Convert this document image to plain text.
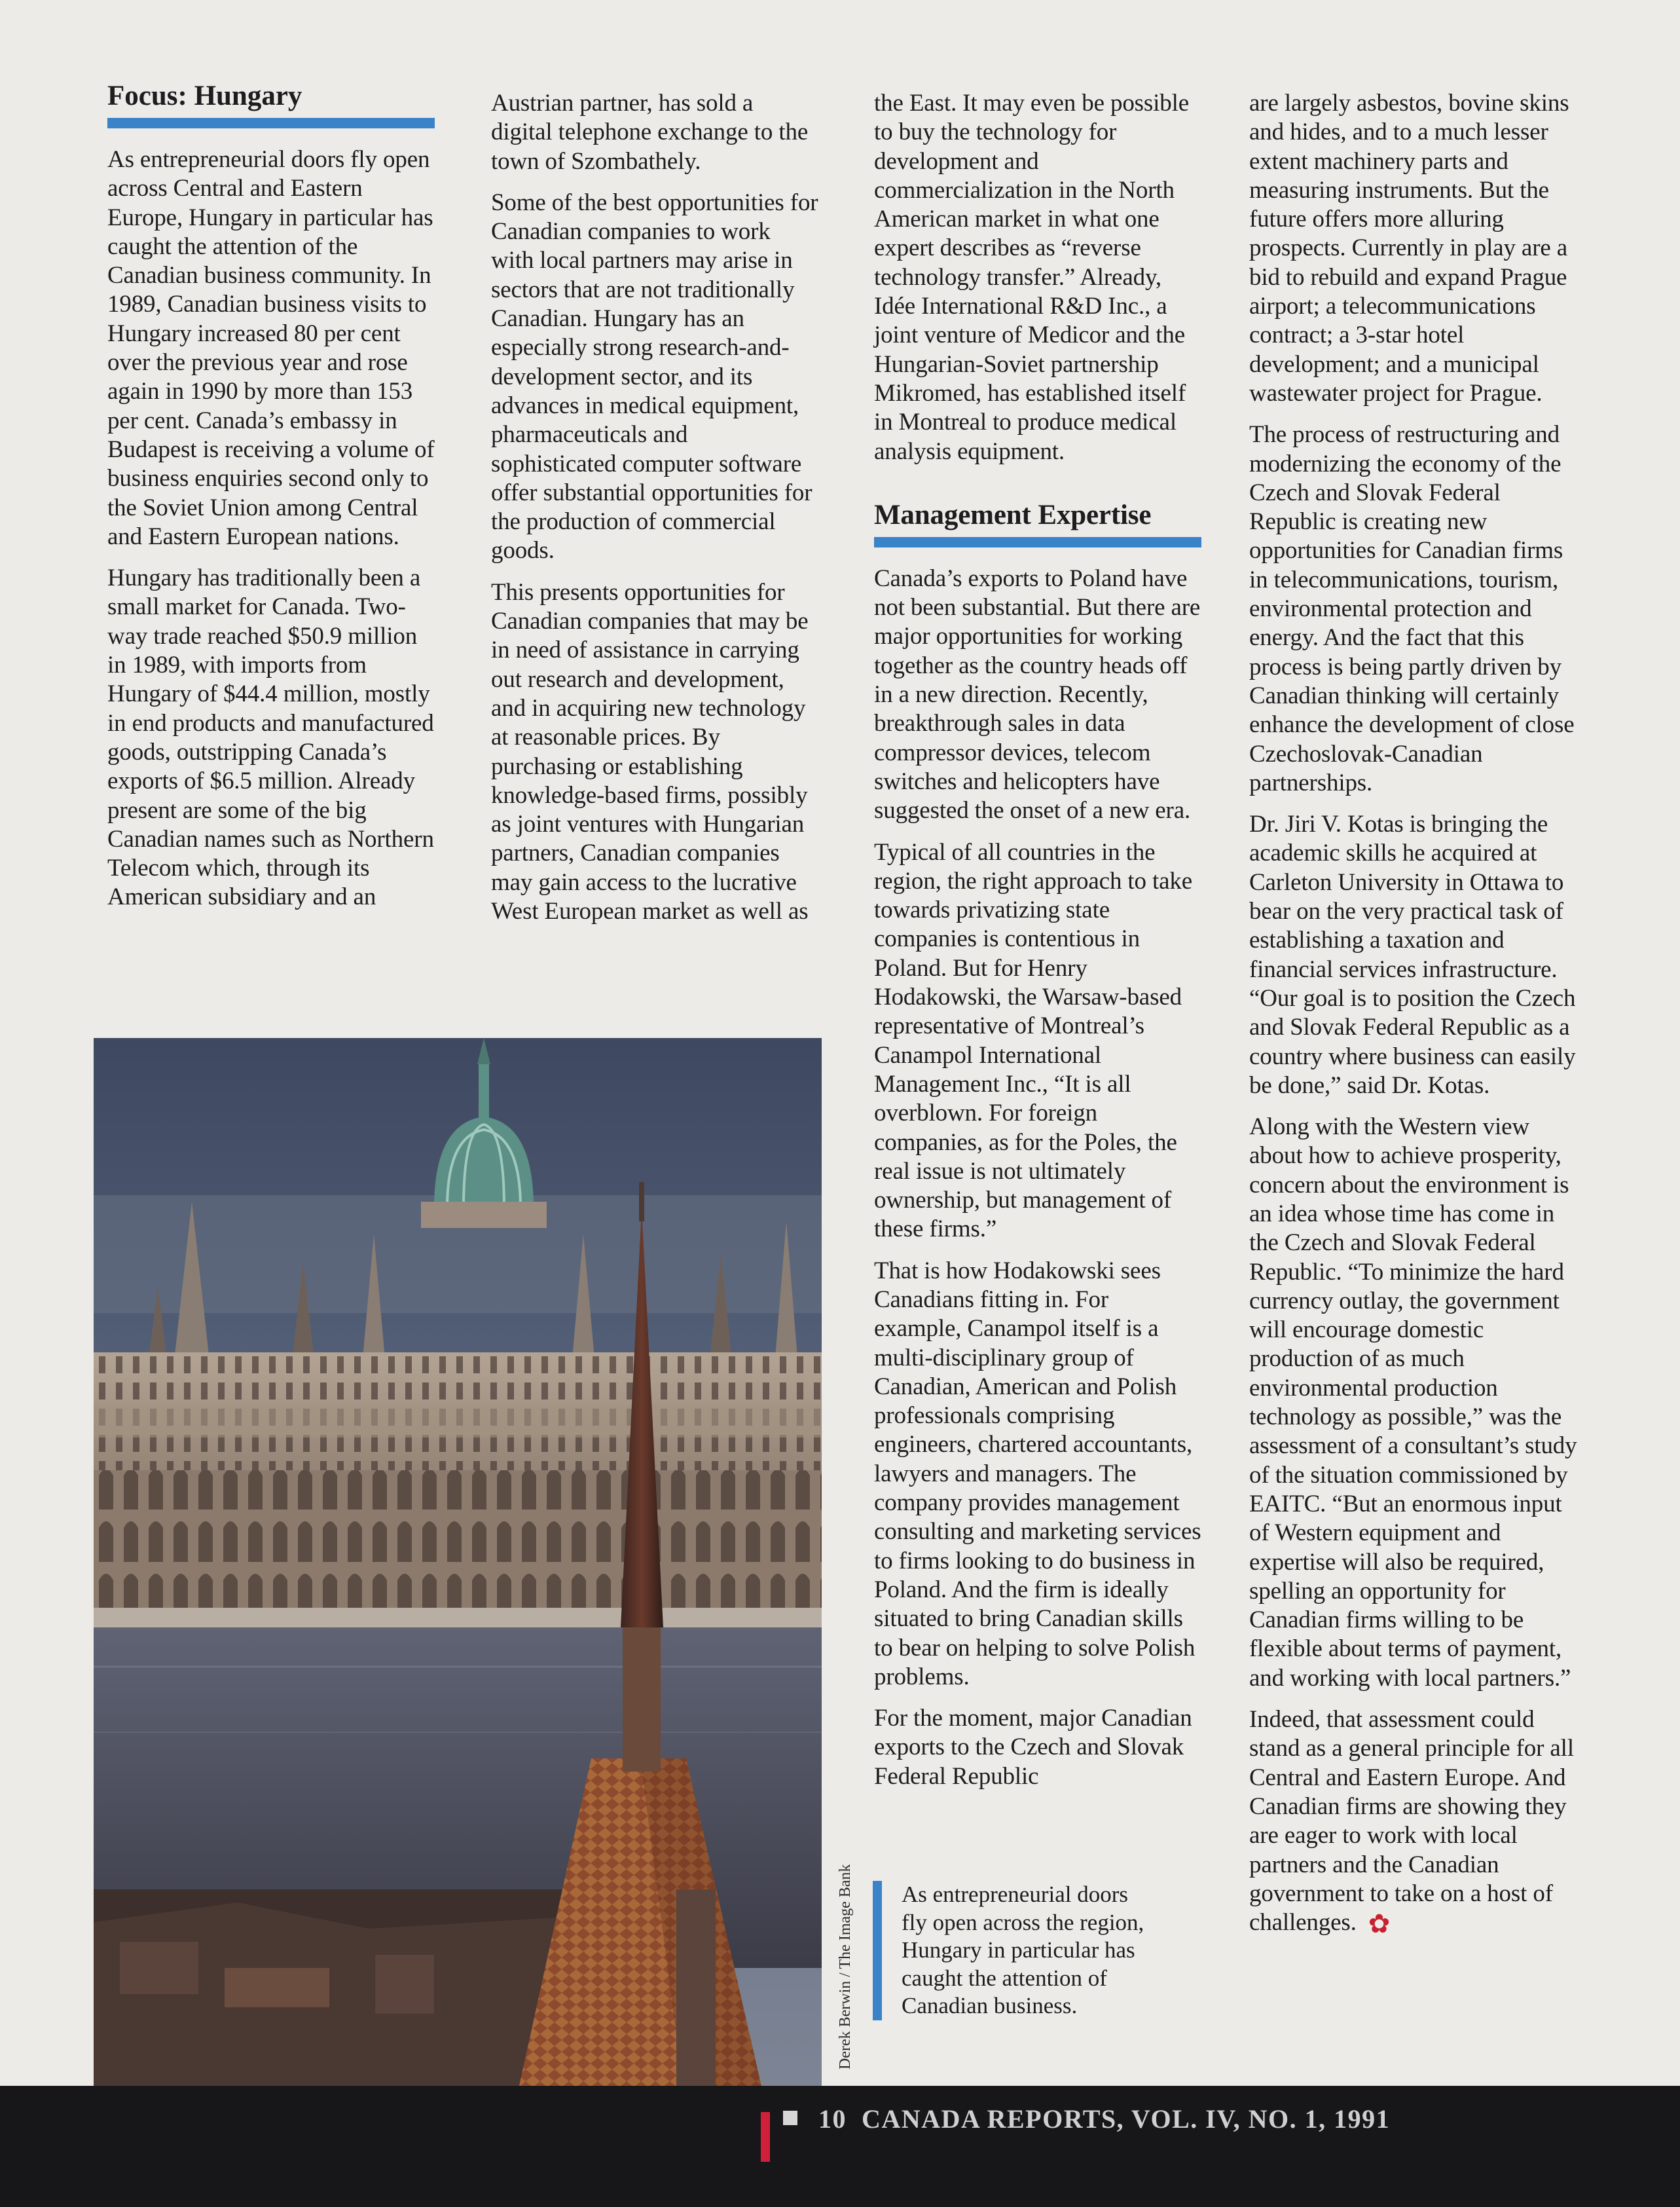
Focus: Hungary

As entrepreneurial doors fly open across Central and Eastern Europe, Hungary in particular has caught the attention of the Canadian business community. In 1989, Canadian business visits to Hungary increased 80 per cent over the previous year and rose again in 1990 by more than 153 per cent. Canada’s embassy in Budapest is receiving a volume of business enquiries second only to the Soviet Union among Central and Eastern European nations.

Hungary has traditionally been a small market for Canada. Two-way trade reached $50.9 million in 1989, with imports from Hungary of $44.4 million, mostly in end products and manufactured goods, outstripping Canada’s exports of $6.5 million. Already present are some of the big Canadian names such as Northern Telecom which, through its American subsidiary and an

Austrian partner, has sold a digital telephone exchange to the town of Szombathely.

Some of the best opportunities for Canadian companies to work with local partners may arise in sectors that are not traditionally Canadian. Hungary has an especially strong research-and-development sector, and its advances in medical equipment, pharmaceuticals and sophisticated computer software offer substantial opportunities for the production of commercial goods.

This presents opportunities for Canadian companies that may be in need of assistance in carrying out research and development, and in acquiring new technology at reasonable prices. By purchasing or establishing knowledge-based firms, possibly as joint ventures with Hungarian partners, Canadian companies may gain access to the lucrative West European market as well as

the East. It may even be possible to buy the technology for development and commercialization in the North American market in what one expert describes as “reverse technology transfer.” Already, Idée International R&D Inc., a joint venture of Medicor and the Hungarian-Soviet partnership Mikromed, has established itself in Montreal to produce medical analysis equipment.

Management Expertise

Canada’s exports to Poland have not been substantial. But there are major opportunities for working together as the country heads off in a new direction. Recently, breakthrough sales in data compressor devices, telecom switches and helicopters have suggested the onset of a new era.

Typical of all countries in the region, the right approach to take towards privatizing state companies is contentious in Poland. But for Henry Hodakowski, the Warsaw-based representative of Montreal’s Canampol International Management Inc., “It is all overblown. For foreign companies, as for the Poles, the real issue is not ultimately ownership, but management of these firms.”

That is how Hodakowski sees Canadians fitting in. For example, Canampol itself is a multi-disciplinary group of Canadian, American and Polish professionals comprising engineers, chartered accountants, lawyers and managers. The company provides management consulting and marketing services to firms looking to do business in Poland. And the firm is ideally situated to bring Canadian skills to bear on helping to solve Polish problems.

For the moment, major Canadian exports to the Czech and Slovak Federal Republic

are largely asbestos, bovine skins and hides, and to a much lesser extent machinery parts and measuring instruments. But the future offers more alluring prospects. Currently in play are a bid to rebuild and expand Prague airport; a telecommunications contract; a 3-star hotel development; and a municipal wastewater project for Prague.

The process of restructuring and modernizing the economy of the Czech and Slovak Federal Republic is creating new opportunities for Canadian firms in telecommunications, tourism, environmental protection and energy. And the fact that this process is being partly driven by Canadian thinking will certainly enhance the development of close Czechoslovak-Canadian partnerships.

Dr. Jiri V. Kotas is bringing the academic skills he acquired at Carleton University in Ottawa to bear on the very practical task of establishing a taxation and financial services infrastructure. “Our goal is to position the Czech and Slovak Federal Republic as a country where business can easily be done,” said Dr. Kotas.

Along with the Western view about how to achieve prosperity, concern about the environment is an idea whose time has come in the Czech and Slovak Federal Republic. “To minimize the hard currency outlay, the government will encourage domestic production of as much environmental production technology as possible,” was the assessment of a consultant’s study of the situation commissioned by EAITC. “But an enormous input of Western equipment and expertise will also be required, spelling an opportunity for Canadian firms willing to be flexible about terms of payment, and working with local partners.”

Indeed, that assessment could stand as a general principle for all Central and Eastern Europe. And Canadian firms are showing they are eager to work with local partners and the Canadian government to take on a host of challenges. ✿

Derek Berwin / The Image Bank	As entrepreneurial doors fly open across the region, Hungary in particular has caught the attention of Canadian business.
10 CANADA REPORTS, VOL. IV, NO. 1, 1991
